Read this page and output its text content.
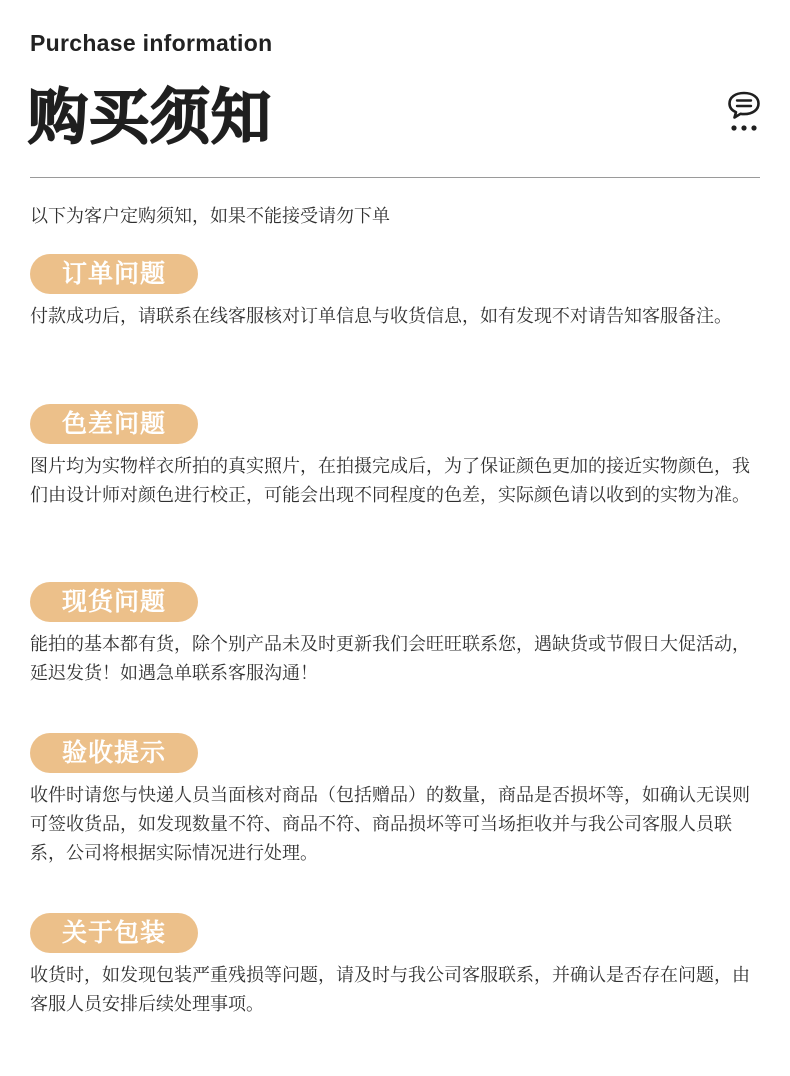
Purchase information
购买须知
以下为客户定购须知，如果不能接受请勿下单
订单问题
付款成功后，请联系在线客服核对订单信息与收货信息，如有发现不对请告知客服备注。
色差问题
图片均为实物样衣所拍的真实照片，在拍摄完成后，为了保证颜色更加的接近实物颜色，我们由设计师对颜色进行校正，可能会出现不同程度的色差，实际颜色请以收到的实物为准。
现货问题
能拍的基本都有货，除个别产品未及时更新我们会旺旺联系您，遇缺货或节假日大促活动，延迟发货！如遇急单联系客服沟通！
验收提示
收件时请您与快递人员当面核对商品（包括赠品）的数量，商品是否损坏等，如确认无误则可签收货品，如发现数量不符、商品不符、商品损坏等可当场拒收并与我公司客服人员联系，公司将根据实际情况进行处理。
关于包装
收货时，如发现包装严重残损等问题，请及时与我公司客服联系，并确认是否存在问题，由客服人员安排后续处理事项。
